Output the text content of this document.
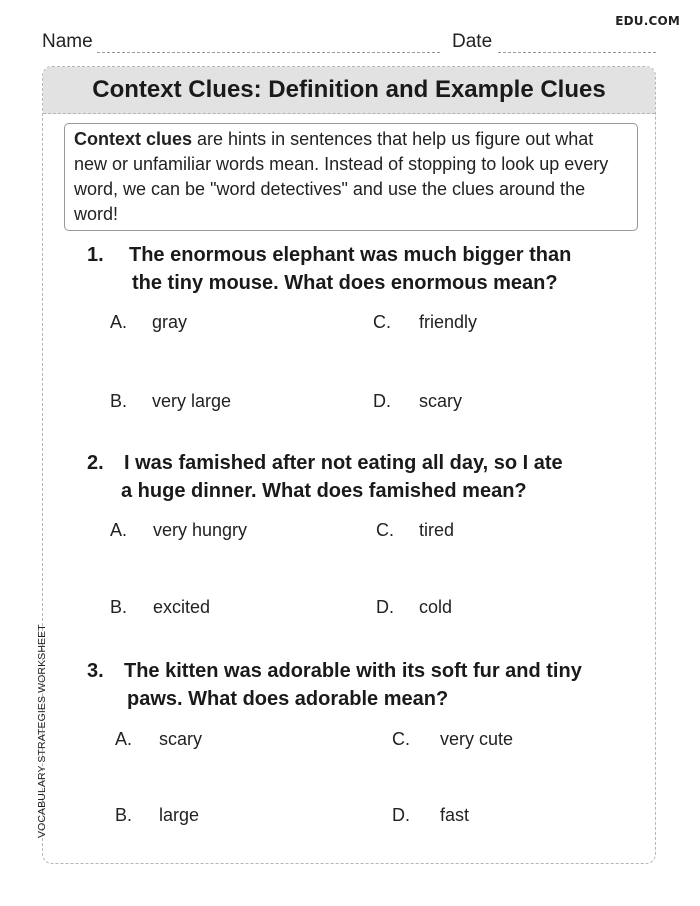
EDU.COM
Name	Date
Context Clues: Definition and Example Clues
Context clues are hints in sentences that help us figure out what new or unfamiliar words mean. Instead of stopping to look up every word, we can be "word detectives" and use the clues around the word!
1. The enormous elephant was much bigger than
the tiny mouse. What does enormous mean?
A. gray
B. very large
C. friendly
D. scary
2. I was famished after not eating all day, so I ate
a huge dinner. What does famished mean?
A. very hungry
B. excited
C. tired
D. cold
3. The kitten was adorable with its soft fur and tiny
paws. What does adorable mean?
A. scary
B. large
C. very cute
D. fast
VOCABULARY STRATEGIES WORKSHEET
